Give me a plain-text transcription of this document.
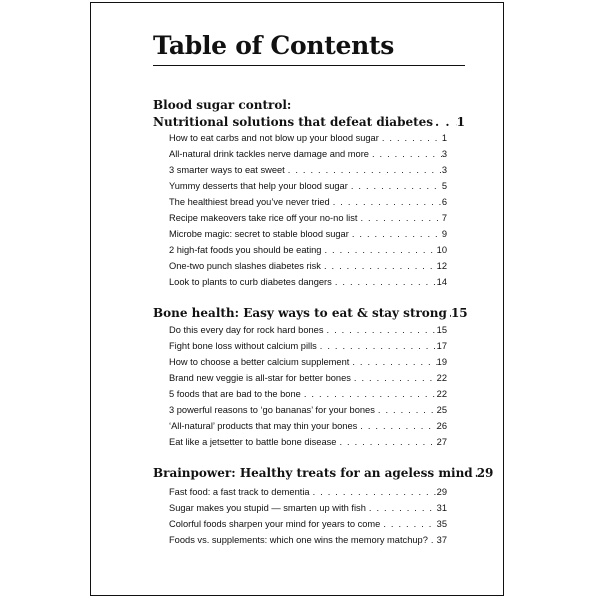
Table of Contents
Blood sugar control:
Nutritional solutions that defeat diabetes . . . 1
How to eat carbs and not blow up your blood sugar . . .	1
All-natural drink tackles nerve damage and more . . .	3
3 smarter ways to eat sweet . . .	3
Yummy desserts that help your blood sugar . . .	5
The healthiest bread you’ve never tried . . .	6
Recipe makeovers take rice off your no-no list . . .	7
Microbe magic: secret to stable blood sugar . . .	9
2 high-fat foods you should be eating . . .	10
One-two punch slashes diabetes risk . . .	12
Look to plants to curb diabetes dangers . . .	14
Bone health: Easy ways to eat & stay strong . . . 15
Do this every day for rock hard bones . . .	15
Fight bone loss without calcium pills . . .	17
How to choose a better calcium supplement . . .	19
Brand new veggie is all-star for better bones . . .	22
5 foods that are bad to the bone . . .	22
3 powerful reasons to ‘go bananas’ for your bones . . .	25
‘All-natural’ products that may thin your bones . . .	26
Eat like a jetsetter to battle bone disease . . .	27
Brainpower: Healthy treats for an ageless mind . . . 29
Fast food: a fast track to dementia . . .	29
Sugar makes you stupid — smarten up with fish . . .	31
Colorful foods sharpen your mind for years to come . . .	35
Foods vs. supplements: which one wins the memory matchup? . . . 37
